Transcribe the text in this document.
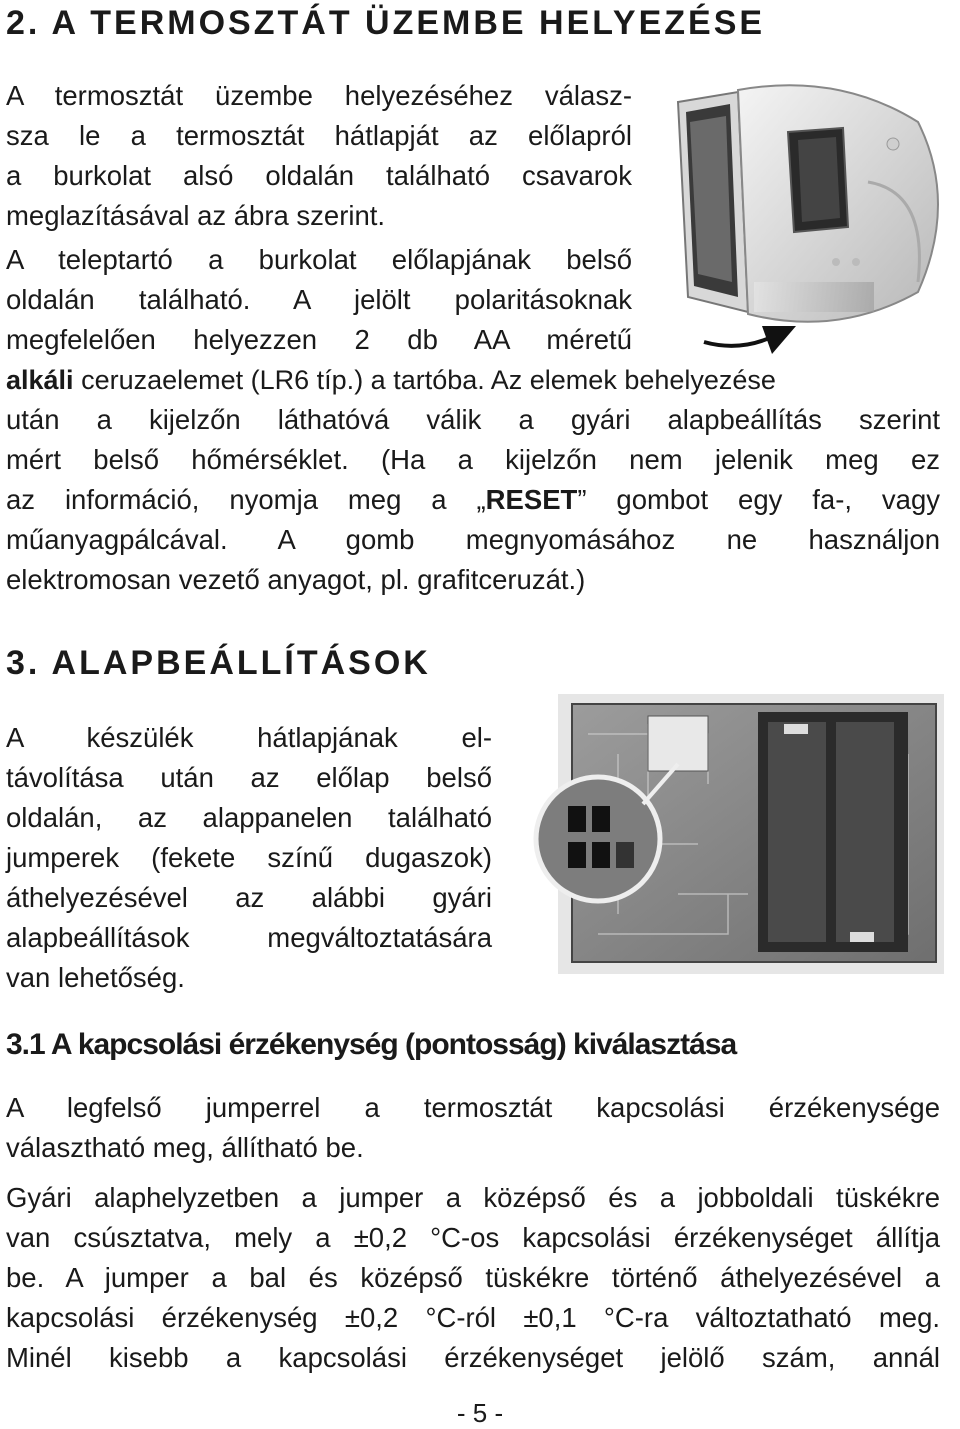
2. A TERMOSZTÁT ÜZEMBE HELYEZÉSE
A termosztát üzembe helyezéséhez válasz-
sza le a termosztát hátlapját az előlapról
a burkolat alsó oldalán található csavarok
meglazításával az ábra szerint.
A teleptartó a burkolat előlapjának belső
oldalán található. A jelölt polaritásoknak
megfelelően helyezzen 2 db AA méretű
alkáli ceruzaelemet (LR6 típ.) a tartóba. Az elemek behelyezése
után a kijelzőn láthatóvá válik a gyári alapbeállítás szerint
mért belső hőmérséklet. (Ha a kijelzőn nem jelenik meg ez
az információ, nyomja meg a „RESET” gombot egy fa-, vagy
műanyagpálcával. A gomb megnyomásához ne használjon
elektromosan vezető anyagot, pl. grafitceruzát.)
3. ALAPBEÁLLÍTÁSOK
A készülék hátlapjának el-
távolítása után az előlap belső
oldalán, az alappanelen található
jumperek (fekete színű dugaszok)
áthelyezésével az alábbi gyári
alapbeállítások megváltoztatására
van lehetőség.
3.1 A kapcsolási érzékenység (pontosság) kiválasztása
A legfelső jumperrel a termosztát kapcsolási érzékenysége
választható meg, állítható be.
Gyári alaphelyzetben a jumper a középső és a jobboldali tüskékre
van csúsztatva, mely a ±0,2 °C-os kapcsolási érzékenységet állítja
be. A jumper a bal és középső tüskékre történő áthelyezésével a
kapcsolási érzékenység ±0,2 °C-ról ±0,1 °C-ra változtatható meg.
Minél kisebb a kapcsolási érzékenységet jelölő szám, annál
- 5 -
